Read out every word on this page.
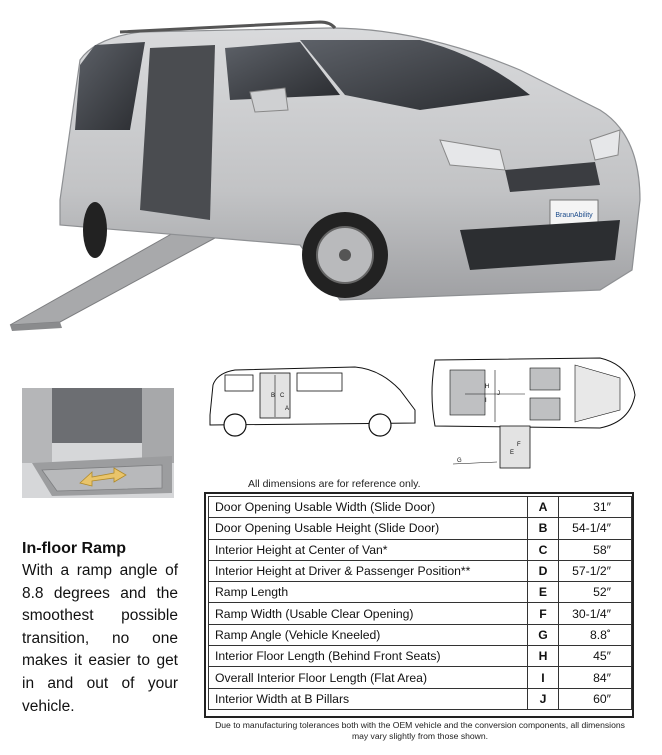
BraunAbility
In-floor Ramp
With a ramp angle of 8.8 degrees and the smoothest possible transition, no one makes it easier to get in and out of your vehicle.
B C
A
J
H
I
F
E
G
All dimensions are for reference only.
Door Opening Usable Width (Slide Door)	A	31″
Door Opening Usable Height (Slide Door)	B	54-1/4″
Interior Height at Center of Van*	C	58″
Interior Height at Driver & Passenger Position**	D	57-1/2″
Ramp Length	E	52″
Ramp Width (Usable Clear Opening)	F	30-1/4″
Ramp Angle (Vehicle Kneeled)	G	8.8˚
Interior Floor Length (Behind Front Seats)	H	45″
Overall Interior Floor Length (Flat Area)	I	84″
Interior Width at B Pillars	J	60″
Due to manufacturing tolerances both with the OEM vehicle and the conversion components, all dimensions may vary slightly from those shown.
